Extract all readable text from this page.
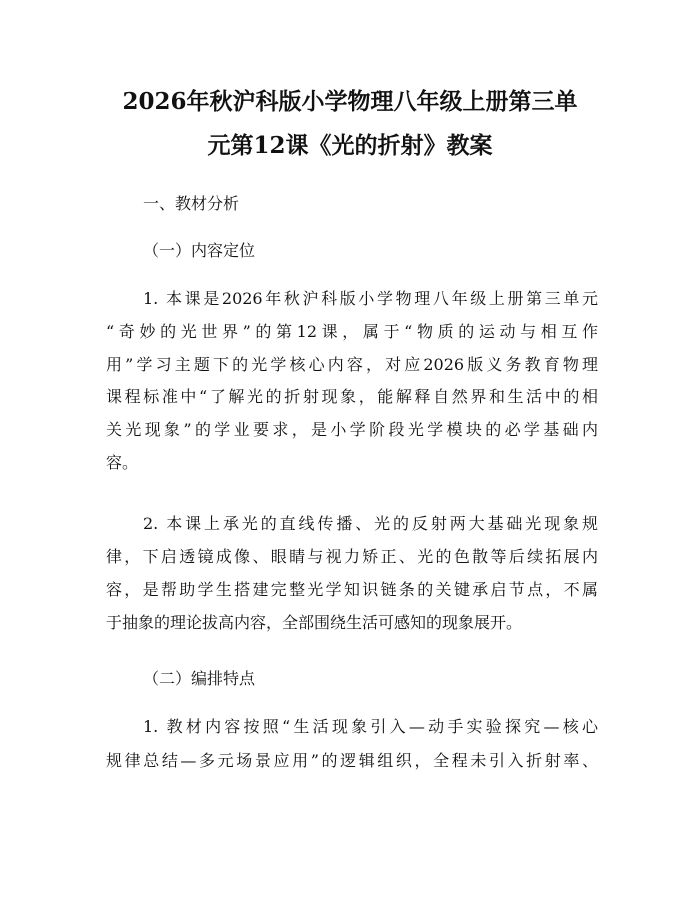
2026年秋沪科版小学物理八年级上册第三单
元第12课《光的折射》教案
一、教材分析
（一）内容定位
1. 本课是2026年秋沪科版小学物理八年级上册第三单元
“奇妙的光世界”的第12课，属于“物质的运动与相互作
用”学习主题下的光学核心内容，对应2026版义务教育物理
课程标准中“了解光的折射现象，能解释自然界和生活中的相
关光现象”的学业要求，是小学阶段光学模块的必学基础内
容。
2. 本课上承光的直线传播、光的反射两大基础光现象规
律，下启透镜成像、眼睛与视力矫正、光的色散等后续拓展内
容，是帮助学生搭建完整光学知识链条的关键承启节点，不属
于抽象的理论拔高内容，全部围绕生活可感知的现象展开。
（二）编排特点
1. 教材内容按照“生活现象引入—动手实验探究—核心
规律总结—多元场景应用”的逻辑组织，全程未引入折射率、
